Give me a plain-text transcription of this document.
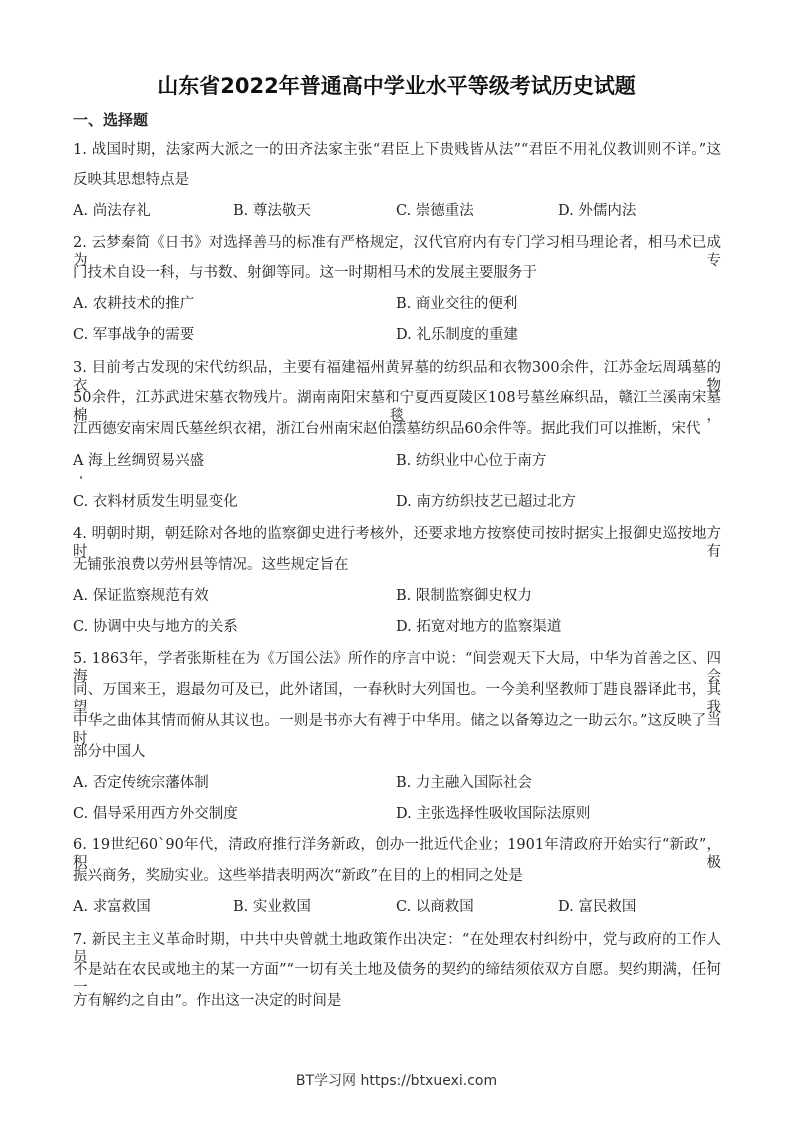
山东省2022年普通高中学业水平等级考试历史试题
一、选择题
1. 战国时期，法家两大派之一的田齐法家主张“君臣上下贵贱皆从法”“君臣不用礼仪教训则不详。”这
反映其思想特点是
A. 尚法存礼	B. 尊法敬天	C. 崇德重法	D. 外儒内法
2. 云梦秦简《日书》对选择善马的标准有严格规定，汉代官府内有专门学习相马理论者，相马术已成为专
门技术自设一科，与书数、射御等同。这一时期相马术的发展主要服务于
A. 农耕技术的推广	B. 商业交往的便利
C. 军事战争的需要	D. 礼乐制度的重建
3. 目前考古发现的宋代纺织品，主要有福建福州黄昇墓的纺织品和衣物300余件，江苏金坛周瑀墓的衣物
50余件，江苏武进宋墓衣物残片。湖南南阳宋墓和宁夏西夏陵区108号墓丝麻织品，赣江兰溪南宋墓棉毯，
江西德安南宋周氏墓丝织衣裙，浙江台州南宋赵伯澐墓纺织品60余件等。据此我们可以推断，宋代
A 海上丝绸贸易兴盛	B. 纺织业中心位于南方
C. 衣料材质发生明显变化	D. 南方纺织技艺已超过北方
4. 明朝时期，朝廷除对各地的监察御史进行考核外，还要求地方按察使司按时据实上报御史巡按地方时有
无铺张浪费以劳州县等情况。这些规定旨在
A. 保证监察规范有效	B. 限制监察御史权力
C. 协调中央与地方的关系	D. 拓宽对地方的监察渠道
5. 1863年，学者张斯桂在为《万国公法》所作的序言中说：“间尝观天下大局，中华为首善之区、四海会
同、万国来王，遐最勿可及已，此外诸国，一春秋时大列国也。一今美利坚教师丁韪良器译此书，其望我
中华之曲体其情而俯从其议也。一则是书亦大有裨于中华用。储之以备筹边之一助云尔。”这反映了当时
部分中国人
A. 否定传统宗藩体制	B. 力主融入国际社会
C. 倡导采用西方外交制度	D. 主张选择性吸收国际法原则
6. 19世纪60`90年代，清政府推行洋务新政，创办一批近代企业；1901年清政府开始实行“新政”，积极
振兴商务，奖励实业。这些举措表明两次“新政”在目的上的相同之处是
A. 求富救国	B. 实业救国	C. 以商救国	D. 富民救国
7. 新民主主义革命时期，中共中央曾就土地政策作出决定：“在处理农村纠纷中，党与政府的工作人员，
不是站在农民或地主的某一方面”“一切有关土地及债务的契约的缔结须依双方自愿。契约期满，任何一
方有解约之自由”。作出这一决定的时间是
BT学习网 https://btxuexi.com
